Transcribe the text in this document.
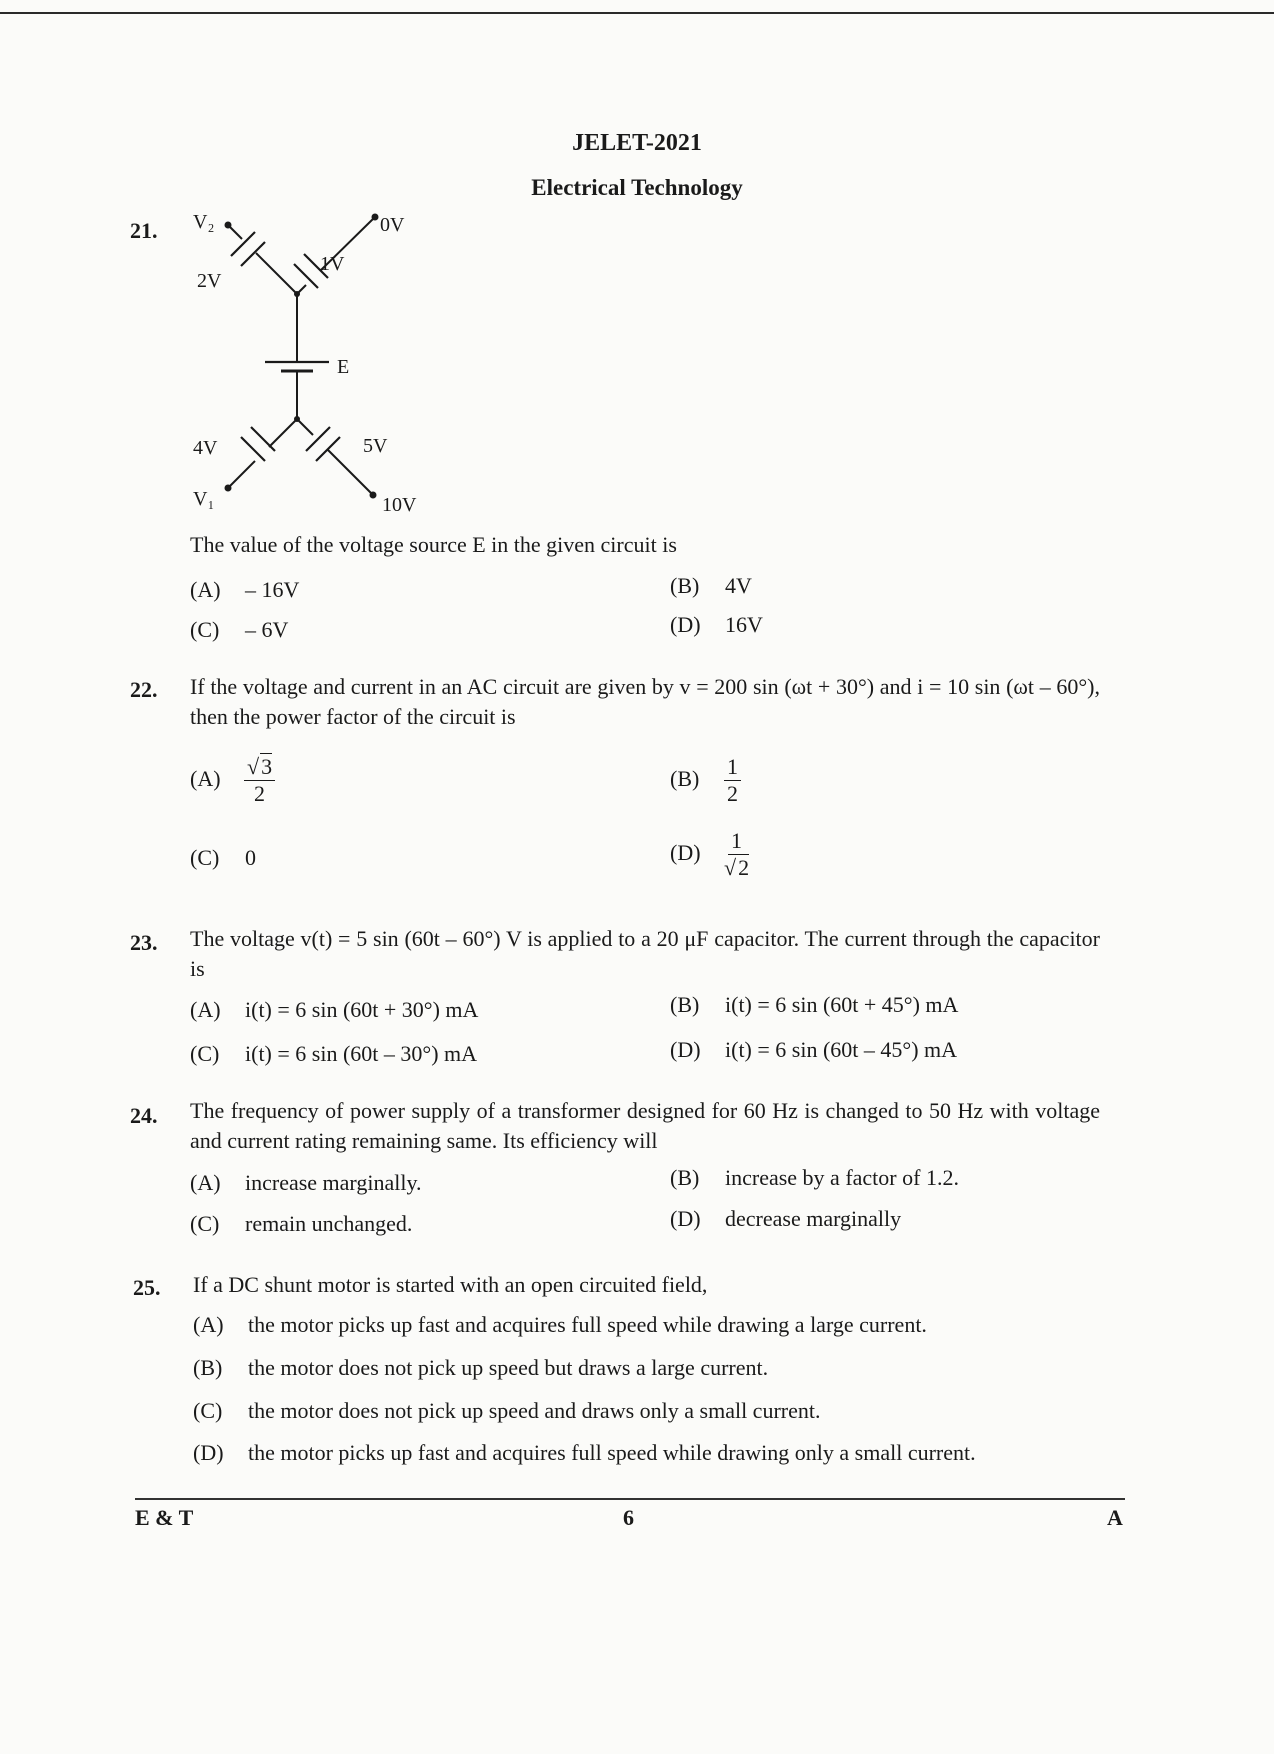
JELET-2021
Electrical Technology
21. V₂	0V
2V
1V
E
4V	5V
V₁	10V
The value of the voltage source E in the given circuit is
(A) – 16V	(B) 4V
(C) – 6V	(D) 16V
22. If the voltage and current in an AC circuit are given by v = 200 sin (ωt + 30°) and i = 10 sin (ωt – 60°), then the power factor of the circuit is
$(A) \frac{√3}{2}$	$(B) \frac{1}{2}$
(C) 0	$(D) \frac{1}{√2}$
23. The voltage v(t) = 5 sin (60t – 60°) V is applied to a 20 μF capacitor. The current through the capacitor is
(A) i(t) = 6 sin (60t + 30°) mA	(B) i(t) = 6 sin (60t + 45°) mA
(C) i(t) = 6 sin (60t – 30°) mA	(D) i(t) = 6 sin (60t – 45°) mA
24. The frequency of power supply of a transformer designed for 60 Hz is changed to 50 Hz with voltage and current rating remaining same. Its efficiency will
(A) increase marginally.	(B) increase by a factor of 1.2.
(C) remain unchanged.	(D) decrease marginally
25. If a DC shunt motor is started with an open circuited field,
(A) the motor picks up fast and acquires full speed while drawing a large current.
(B) the motor does not pick up speed but draws a large current.
(C) the motor does not pick up speed and draws only a small current.
(D) the motor picks up fast and acquires full speed while drawing only a small current.
E & T	6	A
